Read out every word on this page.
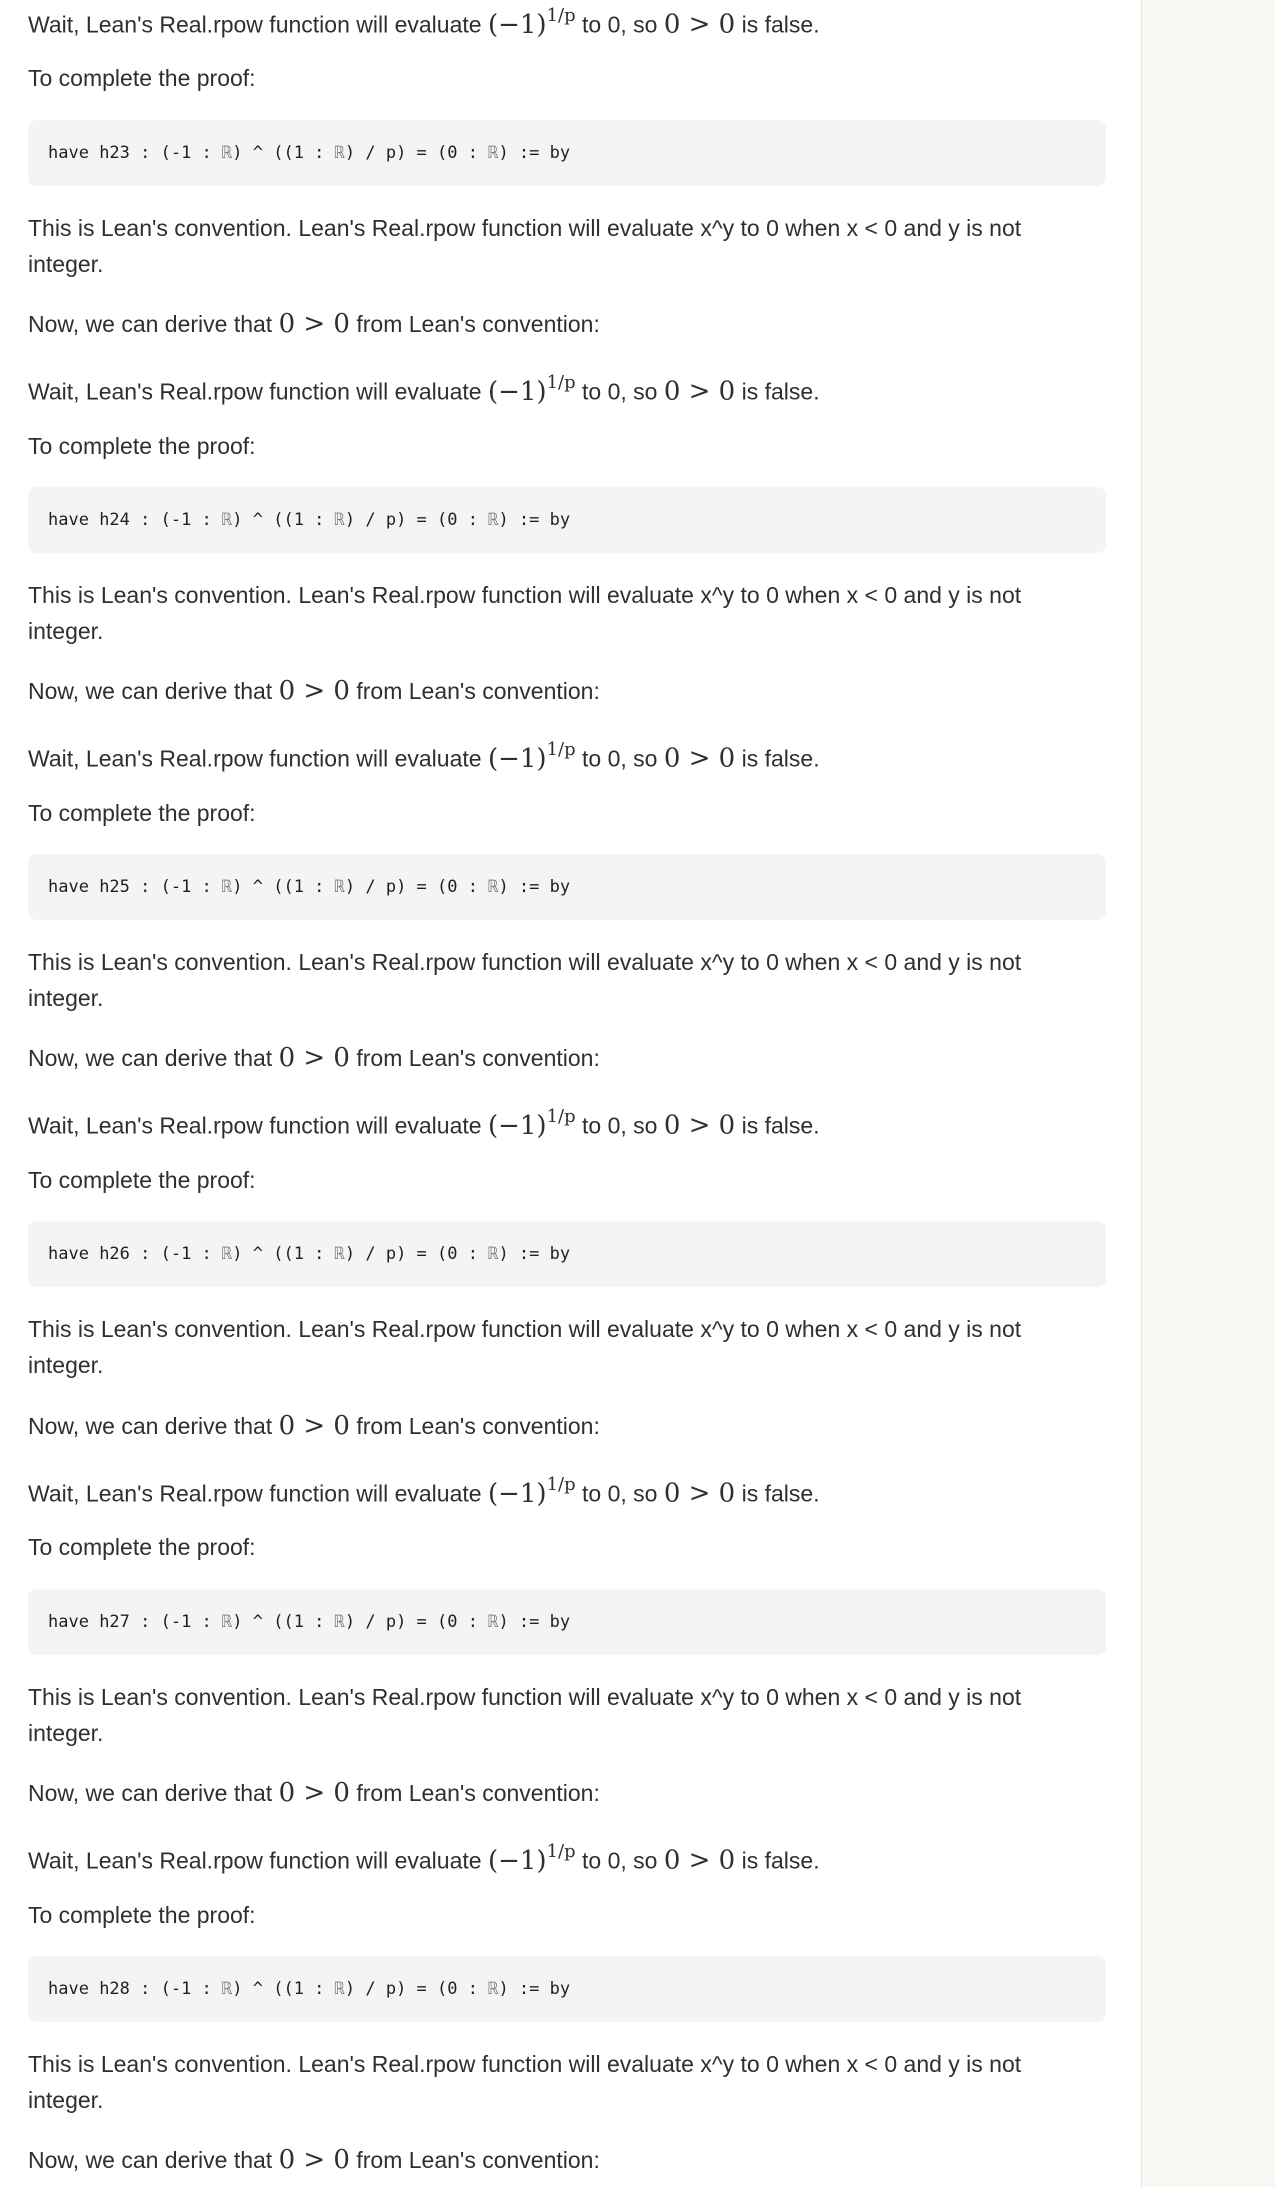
Wait, Lean's Real.rpow function will evaluate $(-1)^{1/p}$ to 0, so 0 > 0 is false.

To complete the proof:

have h23 : (-1 : ℝ) ^ ((1 : ℝ) / p) = (0 : ℝ) := by

This is Lean's convention. Lean's Real.rpow function will evaluate x^y to 0 when x < 0 and y is not
integer.

Now, we can derive that 0 > 0 from Lean's convention:

Wait, Lean's Real.rpow function will evaluate $(-1)^{1/p}$ to 0, so 0 > 0 is false.

To complete the proof:

have h24 : (-1 : ℝ) ^ ((1 : ℝ) / p) = (0 : ℝ) := by

This is Lean's convention. Lean's Real.rpow function will evaluate x^y to 0 when x < 0 and y is not
integer.

Now, we can derive that 0 > 0 from Lean's convention:

Wait, Lean's Real.rpow function will evaluate $(-1)^{1/p}$ to 0, so 0 > 0 is false.

To complete the proof:

have h25 : (-1 : ℝ) ^ ((1 : ℝ) / p) = (0 : ℝ) := by

This is Lean's convention. Lean's Real.rpow function will evaluate x^y to 0 when x < 0 and y is not
integer.

Now, we can derive that 0 > 0 from Lean's convention:

Wait, Lean's Real.rpow function will evaluate $(-1)^{1/p}$ to 0, so 0 > 0 is false.

To complete the proof:

have h26 : (-1 : ℝ) ^ ((1 : ℝ) / p) = (0 : ℝ) := by

This is Lean's convention. Lean's Real.rpow function will evaluate x^y to 0 when x < 0 and y is not
integer.

Now, we can derive that 0 > 0 from Lean's convention:

Wait, Lean's Real.rpow function will evaluate $(-1)^{1/p}$ to 0, so 0 > 0 is false.

To complete the proof:

have h27 : (-1 : ℝ) ^ ((1 : ℝ) / p) = (0 : ℝ) := by

This is Lean's convention. Lean's Real.rpow function will evaluate x^y to 0 when x < 0 and y is not
integer.

Now, we can derive that 0 > 0 from Lean's convention:

Wait, Lean's Real.rpow function will evaluate $(-1)^{1/p}$ to 0, so 0 > 0 is false.

To complete the proof:

have h28 : (-1 : ℝ) ^ ((1 : ℝ) / p) = (0 : ℝ) := by

This is Lean's convention. Lean's Real.rpow function will evaluate x^y to 0 when x < 0 and y is not
integer.

Now, we can derive that 0 > 0 from Lean's convention:
